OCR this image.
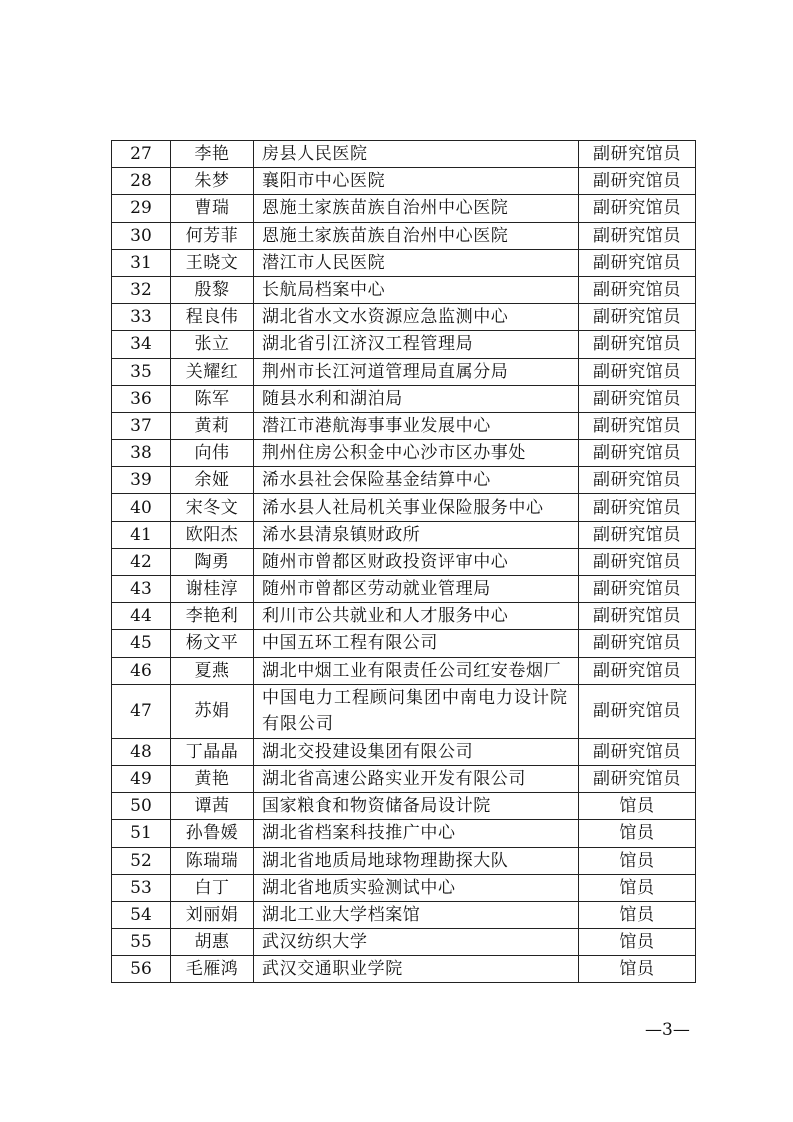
27	李艳	房县人民医院	副研究馆员
28	朱梦	襄阳市中心医院	副研究馆员
29	曹瑞	恩施土家族苗族自治州中心医院	副研究馆员
30	何芳菲	恩施土家族苗族自治州中心医院	副研究馆员
31	王晓文	潜江市人民医院	副研究馆员
32	殷黎	长航局档案中心	副研究馆员
33	程良伟	湖北省水文水资源应急监测中心	副研究馆员
34	张立	湖北省引江济汉工程管理局	副研究馆员
35	关耀红	荆州市长江河道管理局直属分局	副研究馆员
36	陈军	随县水利和湖泊局	副研究馆员
37	黄莉	潜江市港航海事事业发展中心	副研究馆员
38	向伟	荆州住房公积金中心沙市区办事处	副研究馆员
39	余娅	浠水县社会保险基金结算中心	副研究馆员
40	宋冬文	浠水县人社局机关事业保险服务中心	副研究馆员
41	欧阳杰	浠水县清泉镇财政所	副研究馆员
42	陶勇	随州市曾都区财政投资评审中心	副研究馆员
43	谢桂淳	随州市曾都区劳动就业管理局	副研究馆员
44	李艳利	利川市公共就业和人才服务中心	副研究馆员
45	杨文平	中国五环工程有限公司	副研究馆员
46	夏燕	湖北中烟工业有限责任公司红安卷烟厂	副研究馆员
47	苏娟	中国电力工程顾问集团中南电力设计院有限公司	副研究馆员
48	丁晶晶	湖北交投建设集团有限公司	副研究馆员
49	黄艳	湖北省高速公路实业开发有限公司	副研究馆员
50	谭茜	国家粮食和物资储备局设计院	馆员
51	孙鲁媛	湖北省档案科技推广中心	馆员
52	陈瑞瑞	湖北省地质局地球物理勘探大队	馆员
53	白丁	湖北省地质实验测试中心	馆员
54	刘丽娟	湖北工业大学档案馆	馆员
55	胡惠	武汉纺织大学	馆员
56	毛雁鸿	武汉交通职业学院	馆员
—3—
